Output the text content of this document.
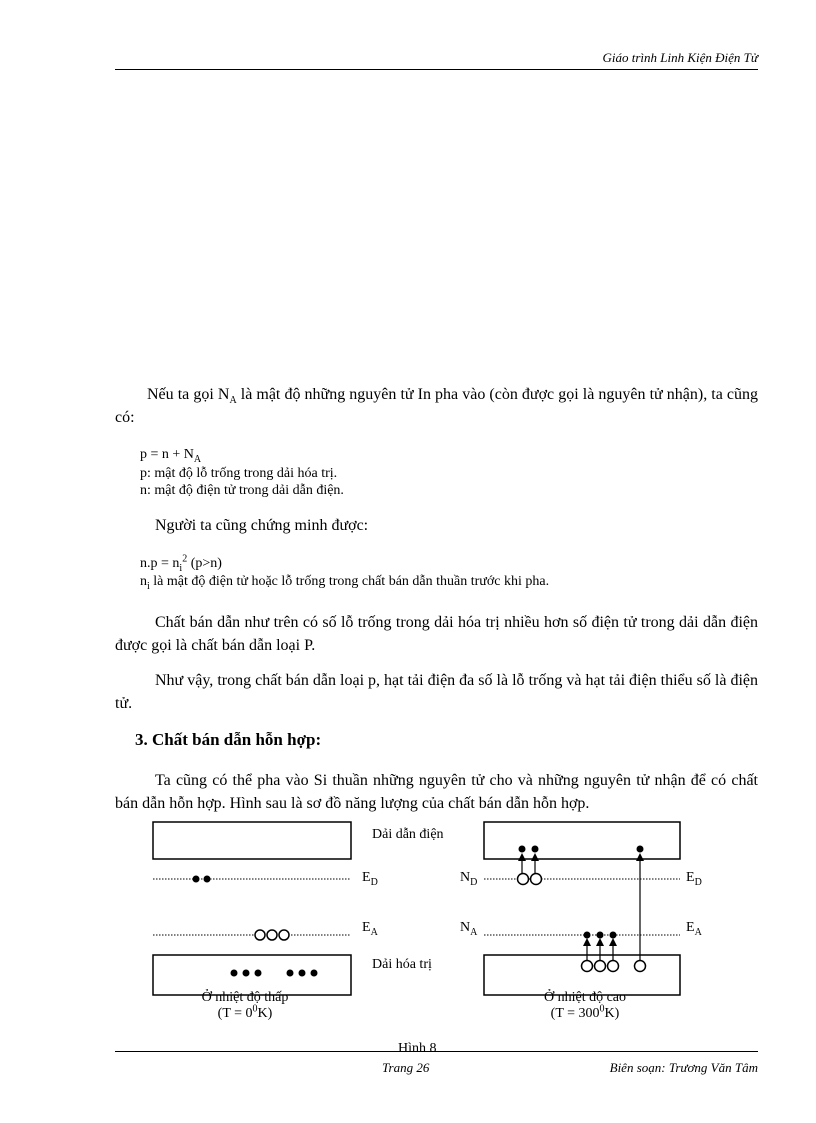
Giáo trình Linh Kiện Điện Tử
Nếu ta gọi $N_A$ là mật độ những nguyên tử In pha vào (còn được gọi là nguyên tử nhận), ta cũng có:
$p = n + N_A$
p: mật độ lỗ trống trong dải hóa trị.
n: mật độ điện tử trong dải dẫn điện.
Người ta cũng chứng minh được:
$n.p = n_i^2$ (p>n)
$n_i$ là mật độ điện tử hoặc lỗ trống trong chất bán dẫn thuần trước khi pha.
Chất bán dẫn như trên có số lỗ trống trong dải hóa trị nhiều hơn số điện tử trong dải dẫn điện được gọi là chất bán dẫn loại P.
Như vậy, trong chất bán dẫn loại p, hạt tải điện đa số là lỗ trống và hạt tải điện thiểu số là điện tử.
3. Chất bán dẫn hỗn hợp:
Ta cũng có thể pha vào Si thuần những nguyên tử cho và những nguyên tử nhận để có chất bán dẫn hỗn hợp. Hình sau là sơ đồ năng lượng của chất bán dẫn hỗn hợp.
Dải dẫn điện
Dải hóa trị
$E_D$
$E_A$
$N_D$
$N_A$
$E_D$
$E_A$
Ở nhiệt độ thấp
$(T = 0^0K)$
Ở nhiệt độ cao
$(T = 300^0K)$
Hình 8
Trang 26	Biên soạn: Trương Văn Tâm
